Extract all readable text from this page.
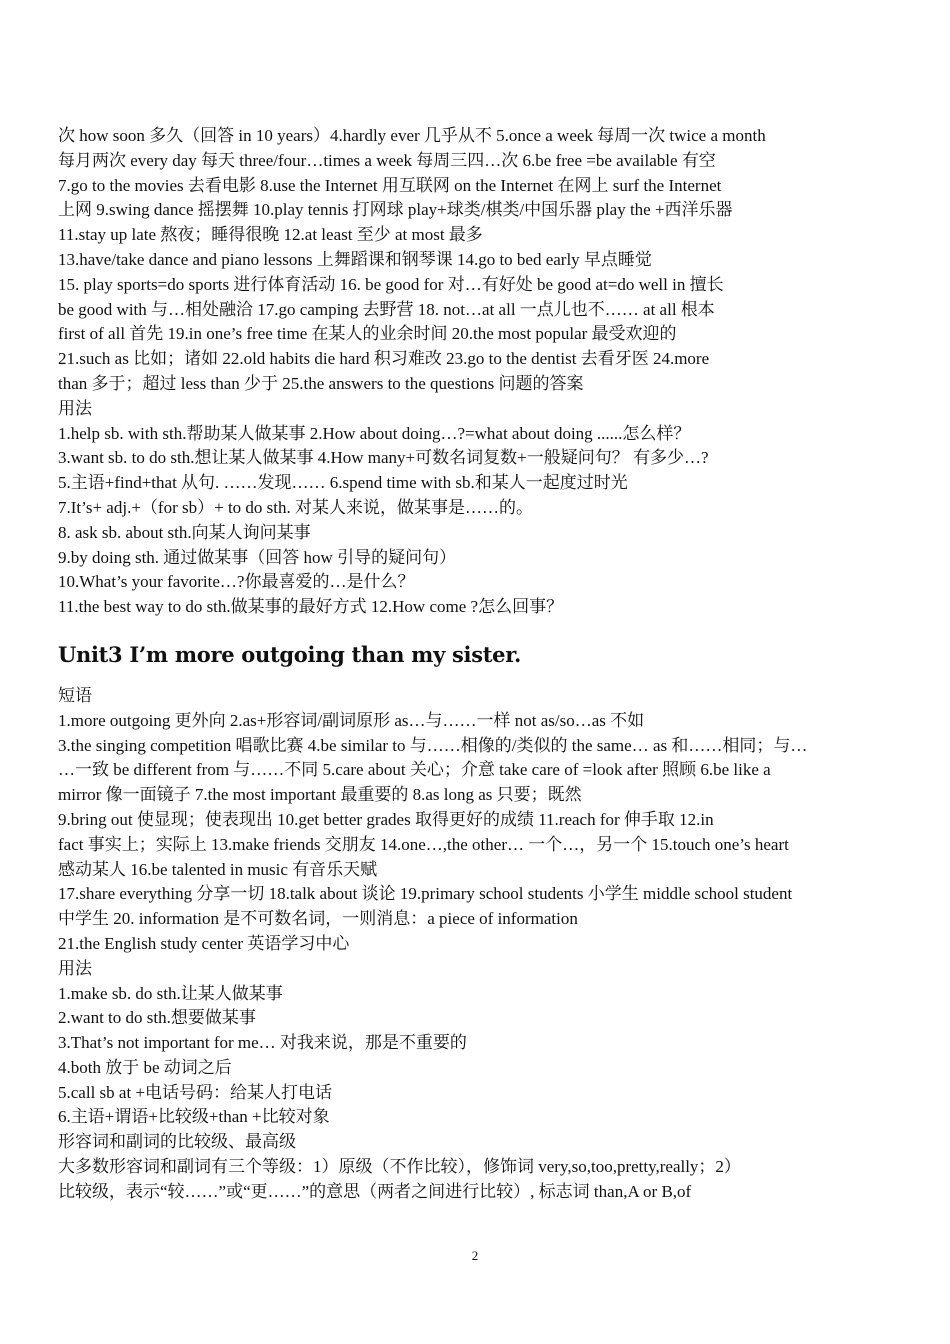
次 how soon 多久（回答 in 10 years）4.hardly ever 几乎从不 5.once a week 每周一次 twice a month
每月两次 every day 每天 three/four…times a week 每周三四…次 6.be free =be available 有空
7.go to the movies 去看电影 8.use the Internet 用互联网 on the Internet 在网上 surf the Internet
上网 9.swing dance 摇摆舞 10.play tennis 打网球 play+球类/棋类/中国乐器 play the +西洋乐器
11.stay up late 熬夜；睡得很晚 12.at least 至少 at most 最多
13.have/take dance and piano lessons 上舞蹈课和钢琴课 14.go to bed early 早点睡觉
15. play sports=do sports 进行体育活动 16. be good for 对…有好处 be good at=do well in 擅长
be good with 与…相处融洽 17.go camping 去野营 18. not…at all 一点儿也不…… at all 根本
first of all 首先 19.in one’s free time 在某人的业余时间 20.the most popular 最受欢迎的
21.such as 比如；诸如 22.old habits die hard 积习难改 23.go to the dentist 去看牙医 24.more
than 多于；超过 less than 少于 25.the answers to the questions 问题的答案
用法
1.help sb. with sth.帮助某人做某事 2.How about doing…?=what about doing ......怎么样？
3.want sb. to do sth.想让某人做某事 4.How many+可数名词复数+一般疑问句？ 有多少…?
5.主语+find+that 从句. ……发现…… 6.spend time with sb.和某人一起度过时光
7.It’s+ adj.+（for sb）+ to do sth. 对某人来说，做某事是……的。
8. ask sb. about sth.向某人询问某事
9.by doing sth. 通过做某事（回答 how 引导的疑问句）
10.What’s your favorite…?你最喜爱的…是什么？
11.the best way to do sth.做某事的最好方式 12.How come ?怎么回事？
Unit3 I’m more outgoing than my sister.
短语
1.more outgoing 更外向 2.as+形容词/副词原形 as…与……一样 not as/so…as 不如
3.the singing competition 唱歌比赛 4.be similar to 与……相像的/类似的 the same… as 和……相同；与…
…一致 be different from 与……不同 5.care about 关心；介意 take care of =look after 照顾 6.be like a
mirror 像一面镜子 7.the most important 最重要的 8.as long as 只要；既然
9.bring out 使显现；使表现出 10.get better grades 取得更好的成绩 11.reach for 伸手取 12.in
fact 事实上；实际上 13.make friends 交朋友 14.one…,the other… 一个…，另一个 15.touch one’s heart
感动某人 16.be talented in music 有音乐天赋
17.share everything 分享一切 18.talk about 谈论 19.primary school students 小学生 middle school student
中学生 20. information 是不可数名词，一则消息：a piece of information
21.the English study center 英语学习中心
用法
1.make sb. do sth.让某人做某事
2.want to do sth.想要做某事
3.That’s not important for me… 对我来说，那是不重要的
4.both 放于 be 动词之后
5.call sb at +电话号码：给某人打电话
6.主语+谓语+比较级+than +比较对象
形容词和副词的比较级、最高级
大多数形容词和副词有三个等级：1）原级（不作比较），修饰词 very,so,too,pretty,really；2）
比较级，表示“较……”或“更……”的意思（两者之间进行比较）, 标志词 than,A or B,of
2
